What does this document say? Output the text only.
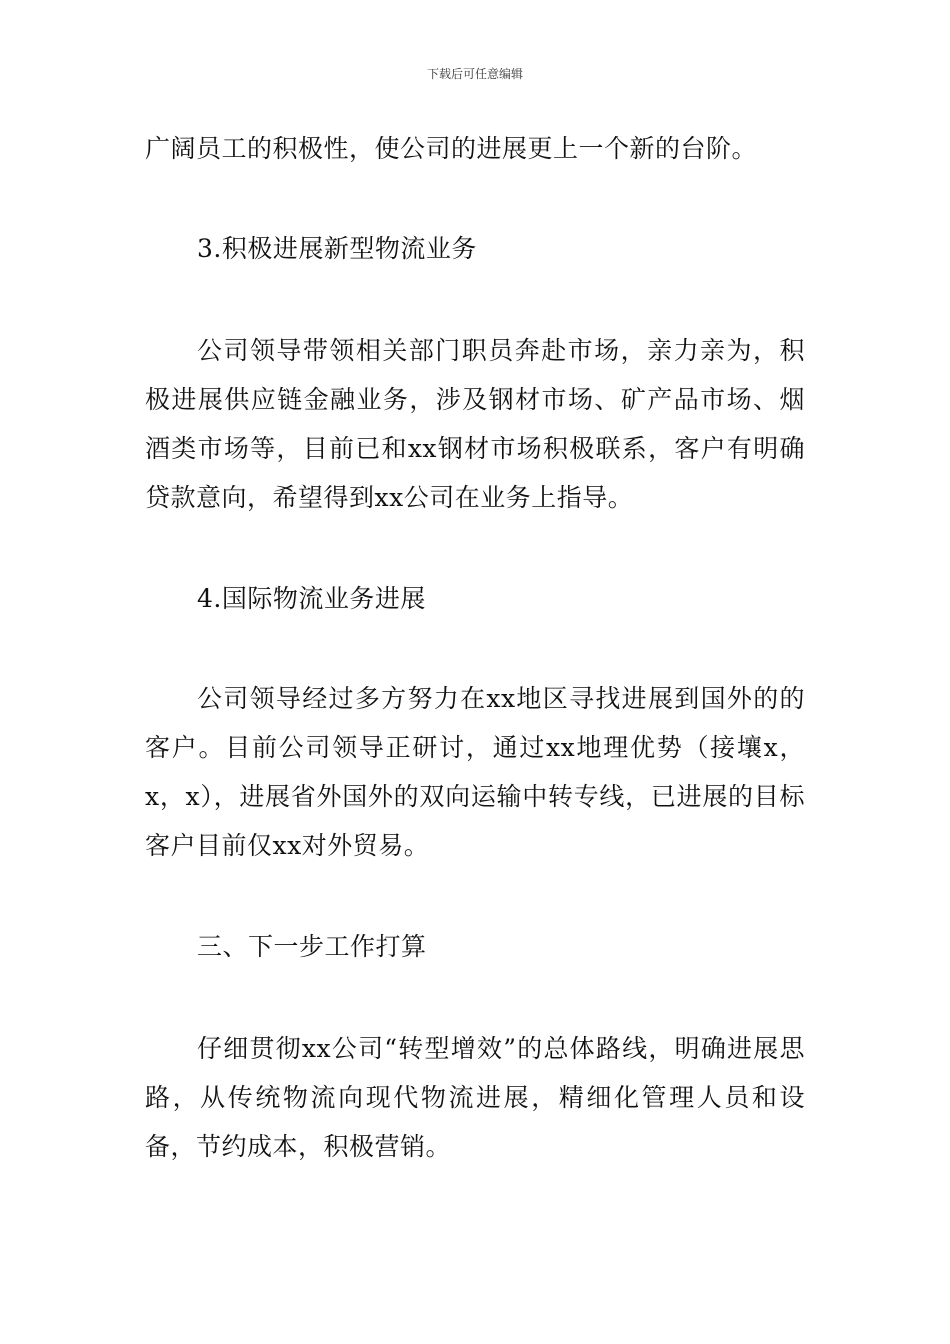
下载后可任意编辑

广阔员工的积极性，使公司的进展更上一个新的台阶。

3.积极进展新型物流业务

公司领导带领相关部门职员奔赴市场，亲力亲为，积极进展供应链金融业务，涉及钢材市场、矿产品市场、烟酒类市场等，目前已和xx钢材市场积极联系，客户有明确贷款意向，希望得到xx公司在业务上指导。

4.国际物流业务进展

公司领导经过多方努力在xx地区寻找进展到国外的的客户。目前公司领导正研讨，通过xx地理优势（接壤x，x，x），进展省外国外的双向运输中转专线，已进展的目标客户目前仅xx对外贸易。

三、下一步工作打算

仔细贯彻xx公司“转型增效”的总体路线，明确进展思路，从传统物流向现代物流进展，精细化管理人员和设备，节约成本，积极营销。
